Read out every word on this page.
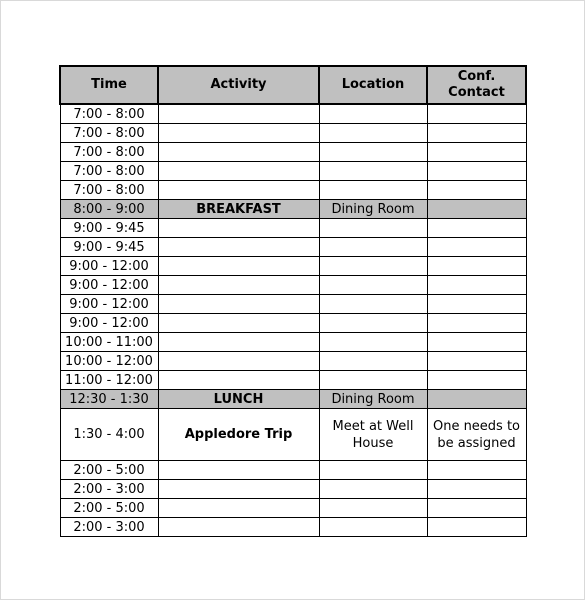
Time	Activity	Location	Conf. Contact
7:00 - 8:00			
7:00 - 8:00			
7:00 - 8:00			
7:00 - 8:00			
7:00 - 8:00			
8:00 - 9:00	BREAKFAST	Dining Room	
9:00 - 9:45			
9:00 - 9:45			
9:00 - 12:00			
9:00 - 12:00			
9:00 - 12:00			
9:00 - 12:00			
10:00 - 11:00			
10:00 - 12:00			
11:00 - 12:00			
12:30 - 1:30	LUNCH	Dining Room	
1:30 - 4:00	Appledore Trip	Meet at Well House	One needs to be assigned
2:00 - 5:00			
2:00 - 3:00			
2:00 - 5:00			
2:00 - 3:00			
